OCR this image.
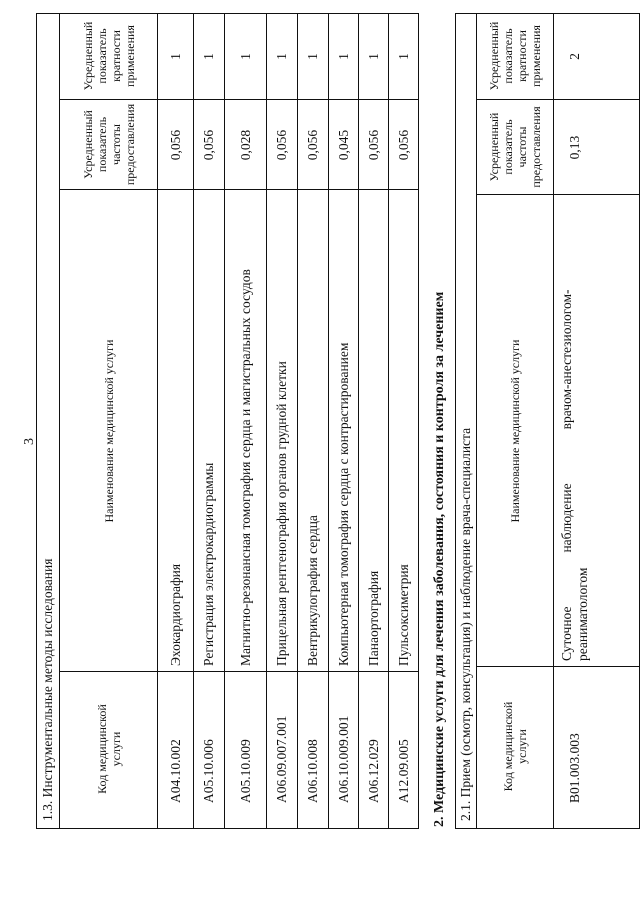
3
1.3. Инструментальные методы исследования	Код медицинской услуги
Наименование медицинской услуги
Усредненный показатель частоты предоставления
Усредненный показатель кратности применения
A04.10.002
Эхокардиография
0,056
1
A05.10.006
Регистрация электрокардиограммы
0,056
1
A05.10.009
Магнитно-резонансная томография сердца и магистральных сосудов
0,028
1
A06.09.007.001
Прицельная рентгенография органов грудной клетки
0,056
1
A06.10.008
Вентрикулография сердца
0,056
1
A06.10.009.001
Компьютерная томография сердца с контрастированием
0,045
1
A06.12.029
Панаортография
0,056
1
A12.09.005
Пульсоксиметрия
0,056
1
2. Медицинские услуги для лечения заболевания, состояния и контроля за лечением 2.1. Прием (осмотр, консультация) и наблюдение врача-специалиста	Код медицинской услуги
Наименование медицинской услуги
Усредненный показатель частоты предоставления
Усредненный показатель кратности применения
B01.003.003
Суточное                наблюдение                врачом-анестезиологом-реаниматологом
0,13
2
